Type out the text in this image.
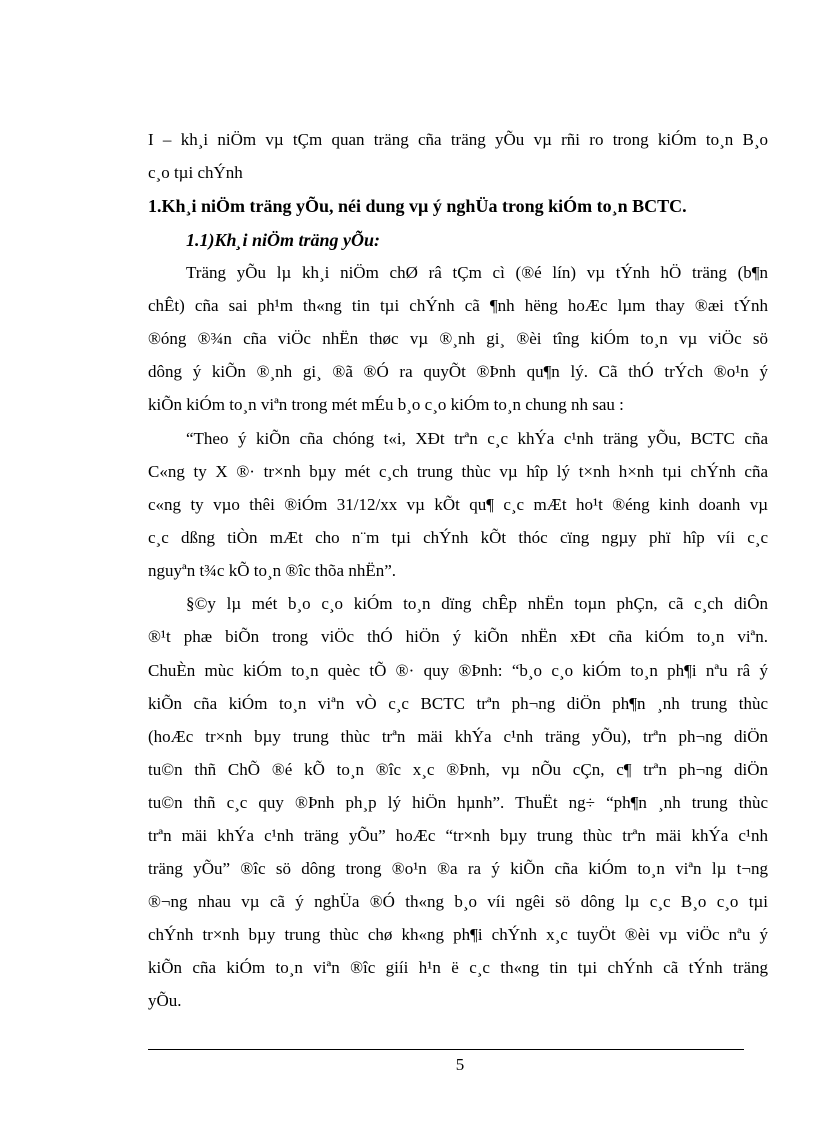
I – kh¸i niÖm vµ tÇm quan träng cña träng yÕu vµ rñi ro trong kiÓm to¸n B¸o
c¸o tµi chÝnh
1.Kh¸i niÖm träng yÕu, néi dung vµ ý nghÜa trong kiÓm to¸n BCTC.
1.1)Kh¸i niÖm träng yÕu:
Träng yÕu lµ kh¸i niÖm chØ râ tÇm cì (®é lín) vµ tÝnh hÖ träng (b¶n
chÊt) cña sai ph¹m th«ng tin tµi chÝnh cã ¶nh hëng hoÆc lµm thay ®æi tÝnh
®óng ®¾n cña viÖc nhËn thøc vµ ®¸nh gi¸ ®èi tîng kiÓm to¸n vµ viÖc sö
dông ý kiÕn ®¸nh gi¸ ®ã ®Ó ra quyÕt ®Þnh qu¶n lý. Cã thÓ trÝch ®o¹n ý
kiÕn kiÓm to¸n viªn trong mét mÉu b¸o c¸o kiÓm to¸n chung nh sau :
“Theo ý kiÕn cña chóng t«i, XÐt trªn c¸c khÝa c¹nh träng yÕu, BCTC cña
C«ng ty X ®· tr×nh bµy mét c¸ch trung thùc vµ hîp lý t×nh h×nh tµi chÝnh cña
c«ng ty vµo thêi ®iÓm 31/12/xx vµ kÕt qu¶ c¸c mÆt ho¹t ®éng kinh doanh vµ
c¸c dßng tiÒn mÆt cho n¨m tµi chÝnh kÕt thóc cïng ngµy phï hîp víi c¸c
nguyªn t¾c kÕ to¸n ®îc thõa nhËn”.
§©y lµ mét b¸o c¸o kiÓm to¸n dïng chÊp nhËn toµn phÇn, cã c¸ch diÔn
®¹t phæ biÕn trong viÖc thÓ hiÖn ý kiÕn nhËn xÐt cña kiÓm to¸n viªn.
ChuÈn mùc kiÓm to¸n quèc tÕ ®· quy ®Þnh: “b¸o c¸o kiÓm to¸n ph¶i nªu râ ý
kiÕn cña kiÓm to¸n viªn vÒ c¸c BCTC trªn ph¬ng diÖn ph¶n ¸nh trung thùc
(hoÆc tr×nh bµy trung thùc trªn mäi khÝa c¹nh träng yÕu), trªn ph¬ng diÖn
tu©n thñ ChÕ ®é kÕ to¸n ®îc x¸c ®Þnh, vµ nÕu cÇn, c¶ trªn ph¬ng diÖn
tu©n thñ c¸c quy ®Þnh ph¸p lý hiÖn hµnh”. ThuËt ng÷ “ph¶n ¸nh trung thùc
trªn mäi khÝa c¹nh träng yÕu” hoÆc “tr×nh bµy trung thùc trªn mäi khÝa c¹nh
träng yÕu” ®îc sö dông trong ®o¹n ®a ra ý kiÕn cña kiÓm to¸n viªn lµ t¬ng
®¬ng nhau vµ cã ý nghÜa ®Ó th«ng b¸o víi ngêi sö dông lµ c¸c B¸o c¸o tµi
chÝnh tr×nh bµy trung thùc chø kh«ng ph¶i chÝnh x¸c tuyÖt ®èi vµ viÖc nªu ý
kiÕn cña kiÓm to¸n viªn ®îc giíi h¹n ë c¸c th«ng tin tµi chÝnh cã tÝnh träng
yÕu.
5
